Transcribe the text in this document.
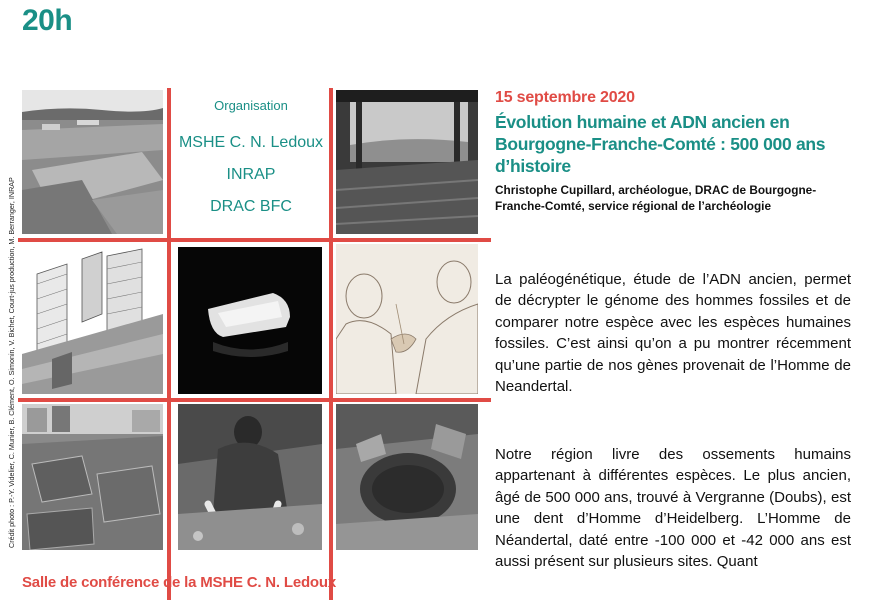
20h
Organisation
MSHE C. N. Ledoux
INRAP
DRAC BFC
Crédit photo : P.-Y. Videlier, C. Munier, B. Clément, O. Simonin, V. Bichet, Court-jus production, M. Berranger, INRAP
Salle de conférence de la MSHE C. N. Ledoux
15 septembre 2020
Évolution humaine et ADN ancien en Bourgogne-Franche-Comté : 500 000 ans d’histoire
Christophe Cupillard, archéologue, DRAC de Bourgogne-Franche-Comté, service régional de l’archéologie

La paléogénétique, étude de l’ADN ancien, permet de décrypter le génome des hommes fossiles et de comparer notre espèce avec les espèces humaines fossiles. C’est ainsi qu’on a pu montrer récemment qu’une partie de nos gènes provenait de l’Homme de Neandertal.

Notre région livre des ossements humains appartenant à différentes espèces. Le plus ancien, âgé de 500 000 ans, trouvé à Vergranne (Doubs), est une dent d’Homme d’Heidelberg. L’Homme de Néandertal, daté entre -100 000 et -42 000 ans est aussi présent sur plusieurs sites. Quant
